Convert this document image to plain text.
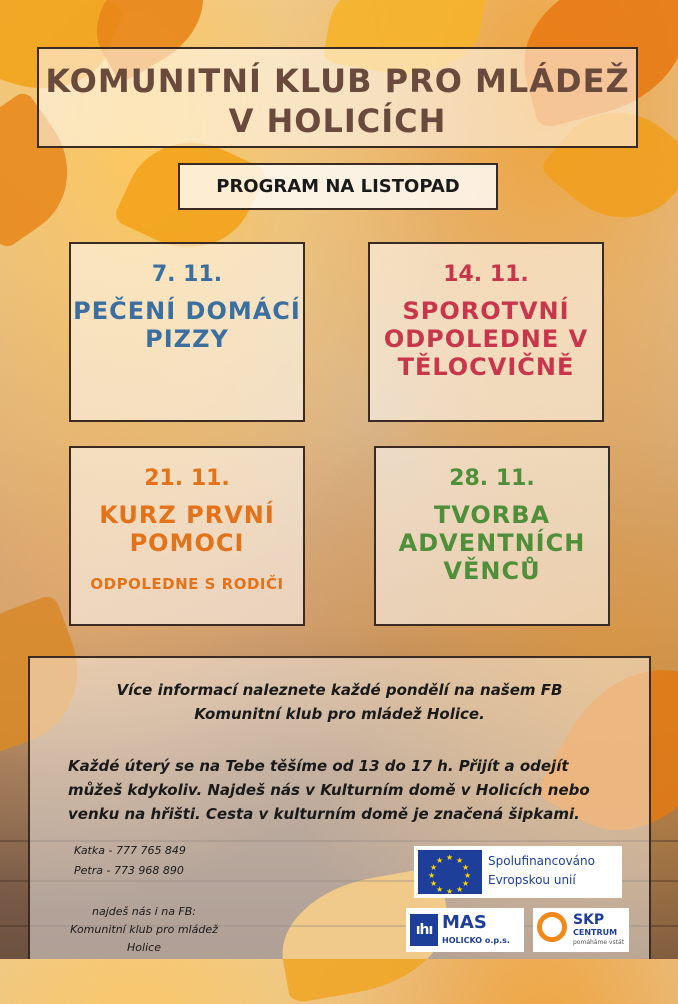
KOMUNITNÍ KLUB PRO MLÁDEŽ
V HOLICÍCH
PROGRAM NA LISTOPAD
7. 11.
PEČENÍ DOMÁCÍ
PIZZY
14. 11.
SPOROTVNÍ
ODPOLEDNE V
TĚLOCVIČNĚ
21. 11.
KURZ PRVNÍ
POMOCI
ODPOLEDNE S RODIČI
28. 11.
TVORBA
ADVENTNÍCH
VĚNCŮ
Více informací naleznete každé pondělí na našem FB
Komunitní klub pro mládež Holice.
Každé úterý se na Tebe těšíme od 13 do 17 h. Přijít a odejít
můžeš kdykoliv. Najdeš nás v Kulturním domě v Holicích nebo
venku na hřišti. Cesta v kulturním domě je značená šipkami.
Katka - 777 765 849
Petra - 773 968 890
najdeš nás i na FB:
Komunitní klub pro mládež
Holice
★ ★
★
★
★
★
★
★
★
★
★
★	Spolufinancováno
Evropskou unií
ıhı MAS
HOLICKO o.p.s.
SKP
CENTRUM
pomáháme vstát
